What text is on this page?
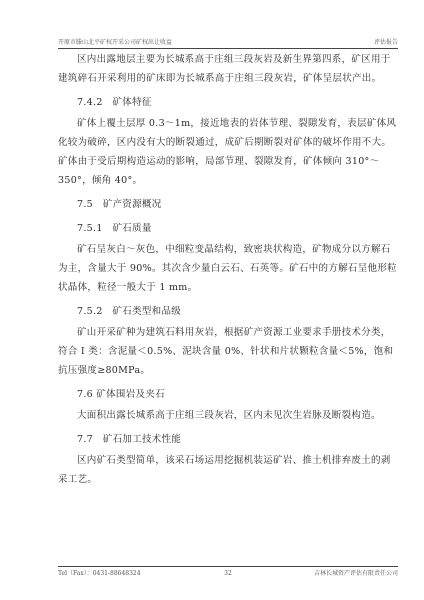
开原市滕山北平矿权开采公司矿权出让收益	评估报告

区内出露地层主要为长城系高于庄组三段灰岩及新生界第四系，矿区用于建筑碎石开采利用的矿床即为长城系高于庄组三段灰岩，矿体呈层状产出。

7.4.2　矿体特征

矿体上覆土层厚 0.3～1m，接近地表的岩体节理、裂隙发育，表层矿体风化较为破碎，区内没有大的断裂通过，成矿后期断裂对矿体的破坏作用不大。矿体由于受后期构造运动的影响，局部节理、裂隙发育，矿体倾向 310°～350°，倾角 40°。

7.5　矿产资源概况

7.5.1　矿石质量

矿石呈灰白～灰色，中细粒变晶结构，致密块状构造，矿物成分以方解石为主，含量大于 90%。其次含少量白云石、石英等。矿石中的方解石呈他形粒状晶体，粒径一般大于 1 mm。

7.5.2　矿石类型和品级

矿山开采矿种为建筑石料用灰岩，根据矿产资源工业要求手册技术分类，符合 I 类：含泥量＜0.5%、泥块含量 0%、针状和片状颗粒含量＜5%，饱和抗压强度≥80MPa。

7.6 矿体围岩及夹石

大面积出露长城系高于庄组三段灰岩，区内未见次生岩脉及断裂构造。

7.7　矿石加工技术性能

区内矿石类型简单，该采石场运用挖掘机装运矿岩、推土机排弃废土的剥采工艺。

Tel（Fax）：0431-88648324	32	吉林长城资产评估有限责任公司
